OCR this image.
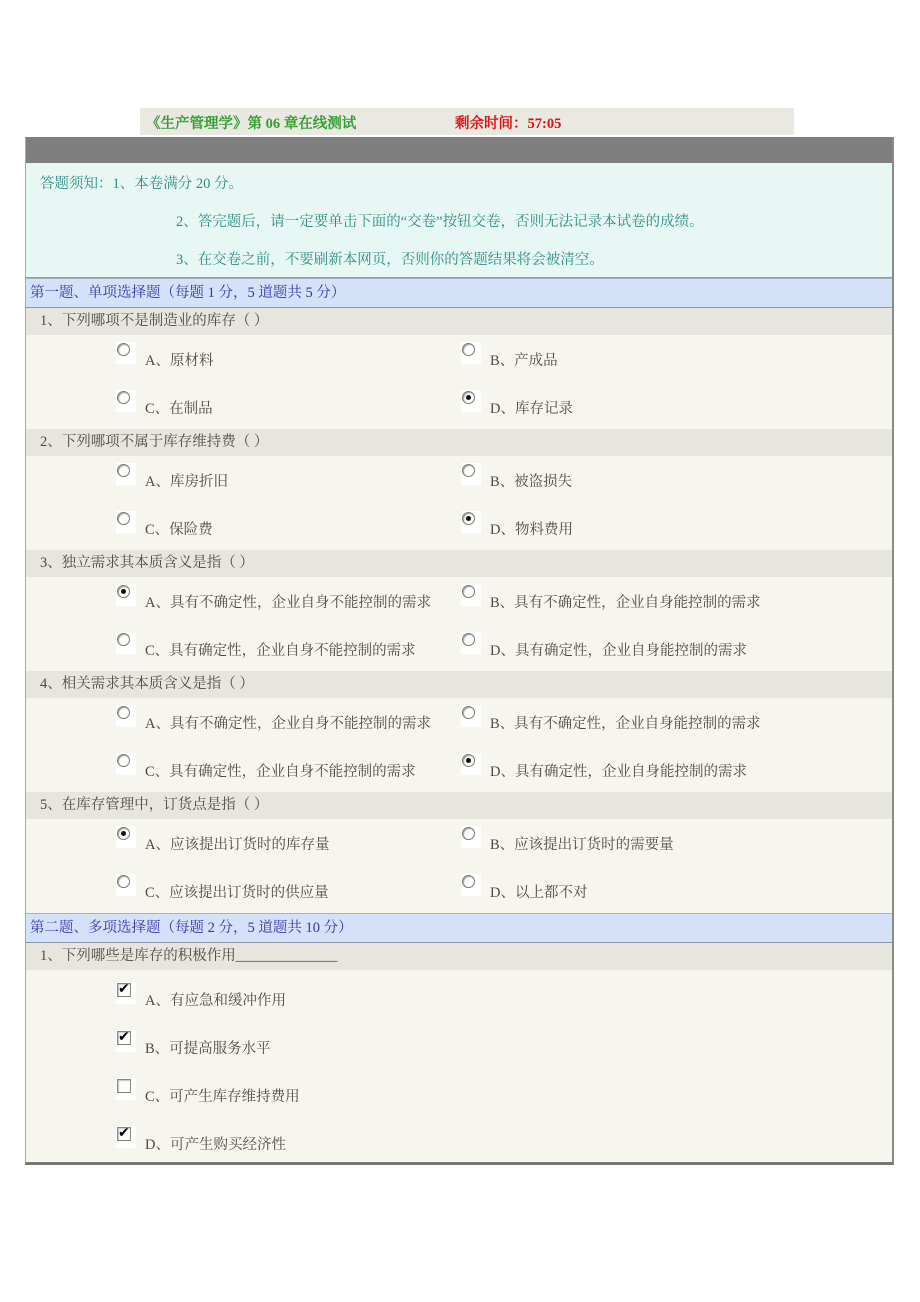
《生产管理学》第 06 章在线测试	剩余时间：57:05
答题须知：1、本卷满分 20 分。
2、答完题后，请一定要单击下面的“交卷”按钮交卷，否则无法记录本试卷的成绩。
3、在交卷之前，不要刷新本网页，否则你的答题结果将会被清空。
第一题、单项选择题（每题 1 分，5 道题共 5 分）
1、下列哪项不是制造业的库存（ ）
A、原材料	B、产成品
C、在制品	D、库存记录
2、下列哪项不属于库存维持费（ ）
A、库房折旧	B、被盗损失
C、保险费	D、物料费用
3、独立需求其本质含义是指（ ）
A、具有不确定性，企业自身不能控制的需求	B、具有不确定性，企业自身能控制的需求
C、具有确定性，企业自身不能控制的需求	D、具有确定性，企业自身能控制的需求
4、相关需求其本质含义是指（ ）
A、具有不确定性，企业自身不能控制的需求	B、具有不确定性，企业自身能控制的需求
C、具有确定性，企业自身不能控制的需求	D、具有确定性，企业自身能控制的需求
5、在库存管理中，订货点是指（ ）
A、应该提出订货时的库存量	B、应该提出订货时的需要量
C、应该提出订货时的供应量	D、以上都不对
第二题、多项选择题（每题 2 分，5 道题共 10 分）
1、下列哪些是库存的积极作用______________
✔
A、有应急和缓冲作用
✔
B、可提高服务水平
C、可产生库存维持费用
✔
D、可产生购买经济性
